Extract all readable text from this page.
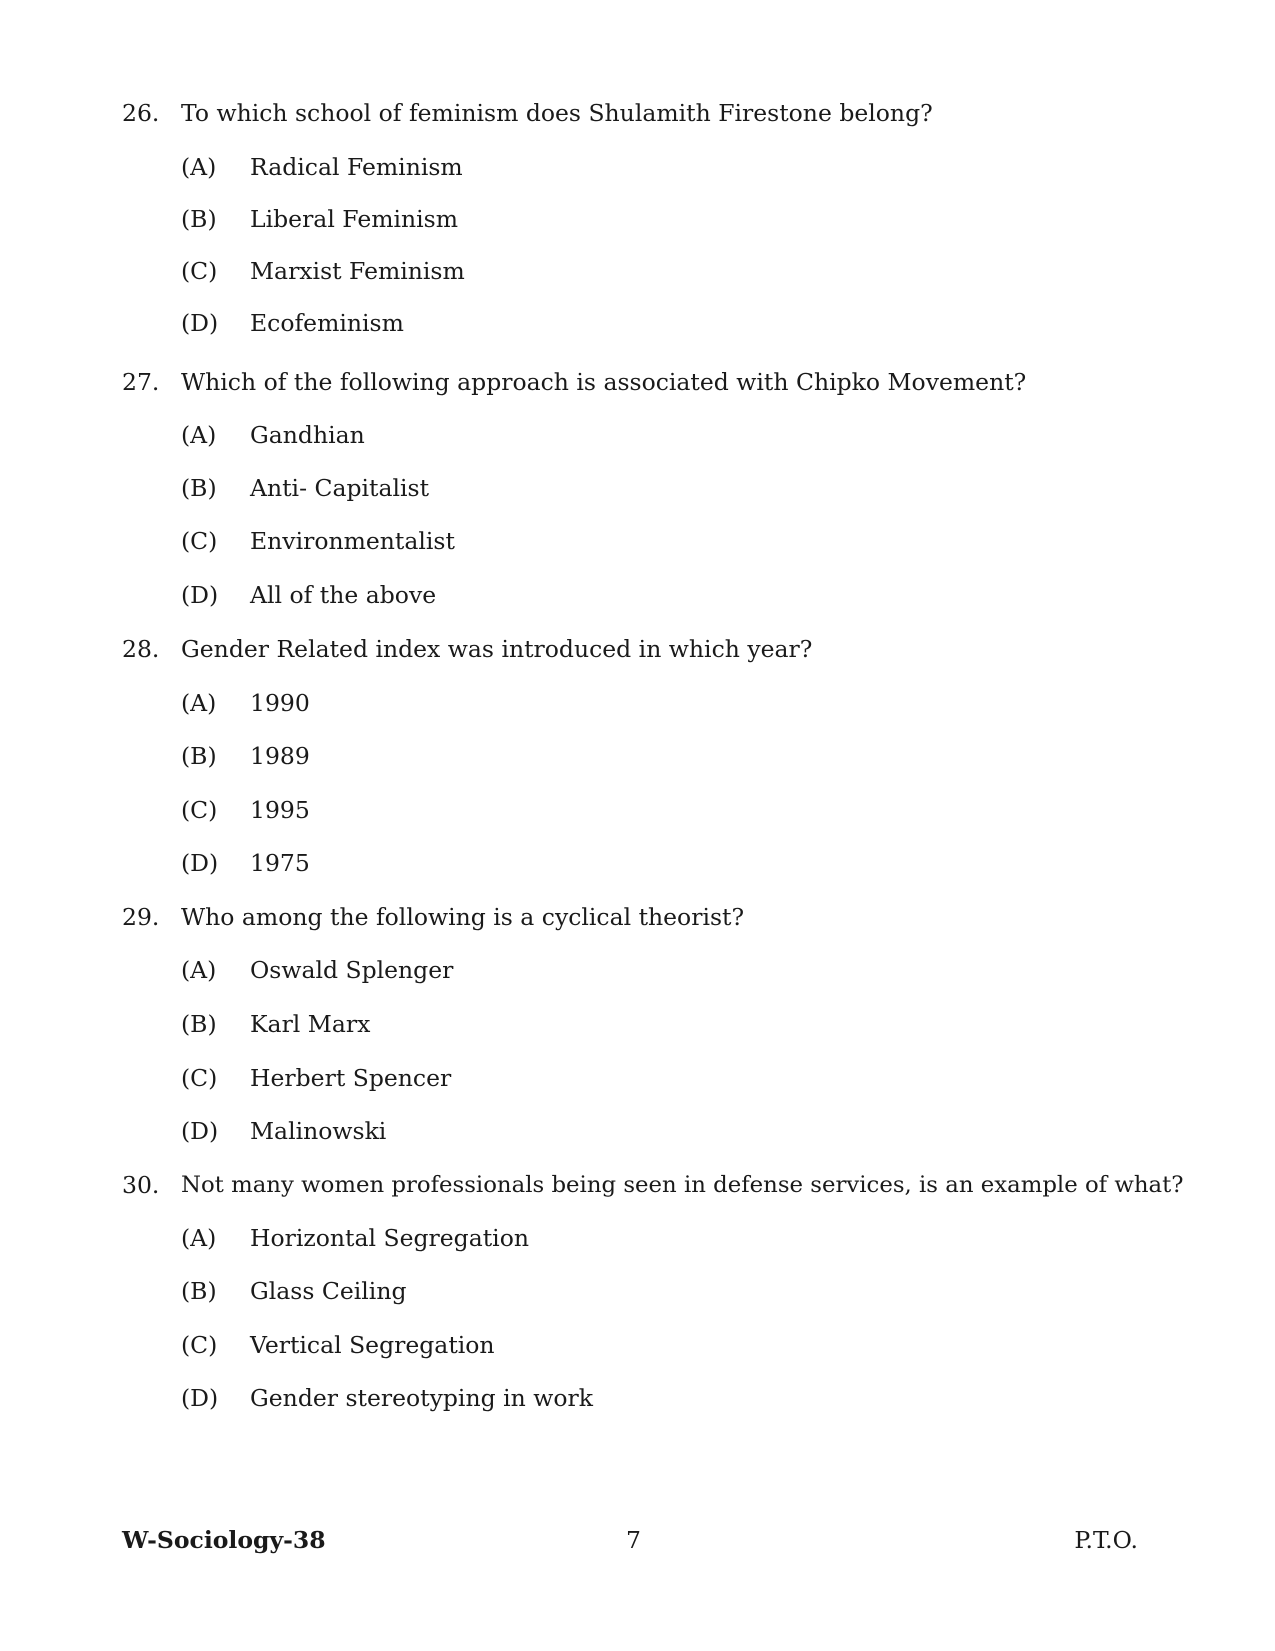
26. To which school of feminism does Shulamith Firestone belong?
(A) Radical Feminism
(B) Liberal Feminism
(C) Marxist Feminism
(D) Ecofeminism
27. Which of the following approach is associated with Chipko Movement?
(A) Gandhian
(B) Anti- Capitalist
(C) Environmentalist
(D) All of the above
28. Gender Related index was introduced in which year?
(A) 1990
(B) 1989
(C) 1995
(D) 1975
29. Who among the following is a cyclical theorist?
(A) Oswald Splenger
(B) Karl Marx
(C) Herbert Spencer
(D) Malinowski
30. Not many women professionals being seen in defense services, is an example of what?
(A) Horizontal Segregation
(B) Glass Ceiling
(C) Vertical Segregation
(D) Gender stereotyping in work
W-Sociology-38	7	P.T.O.
